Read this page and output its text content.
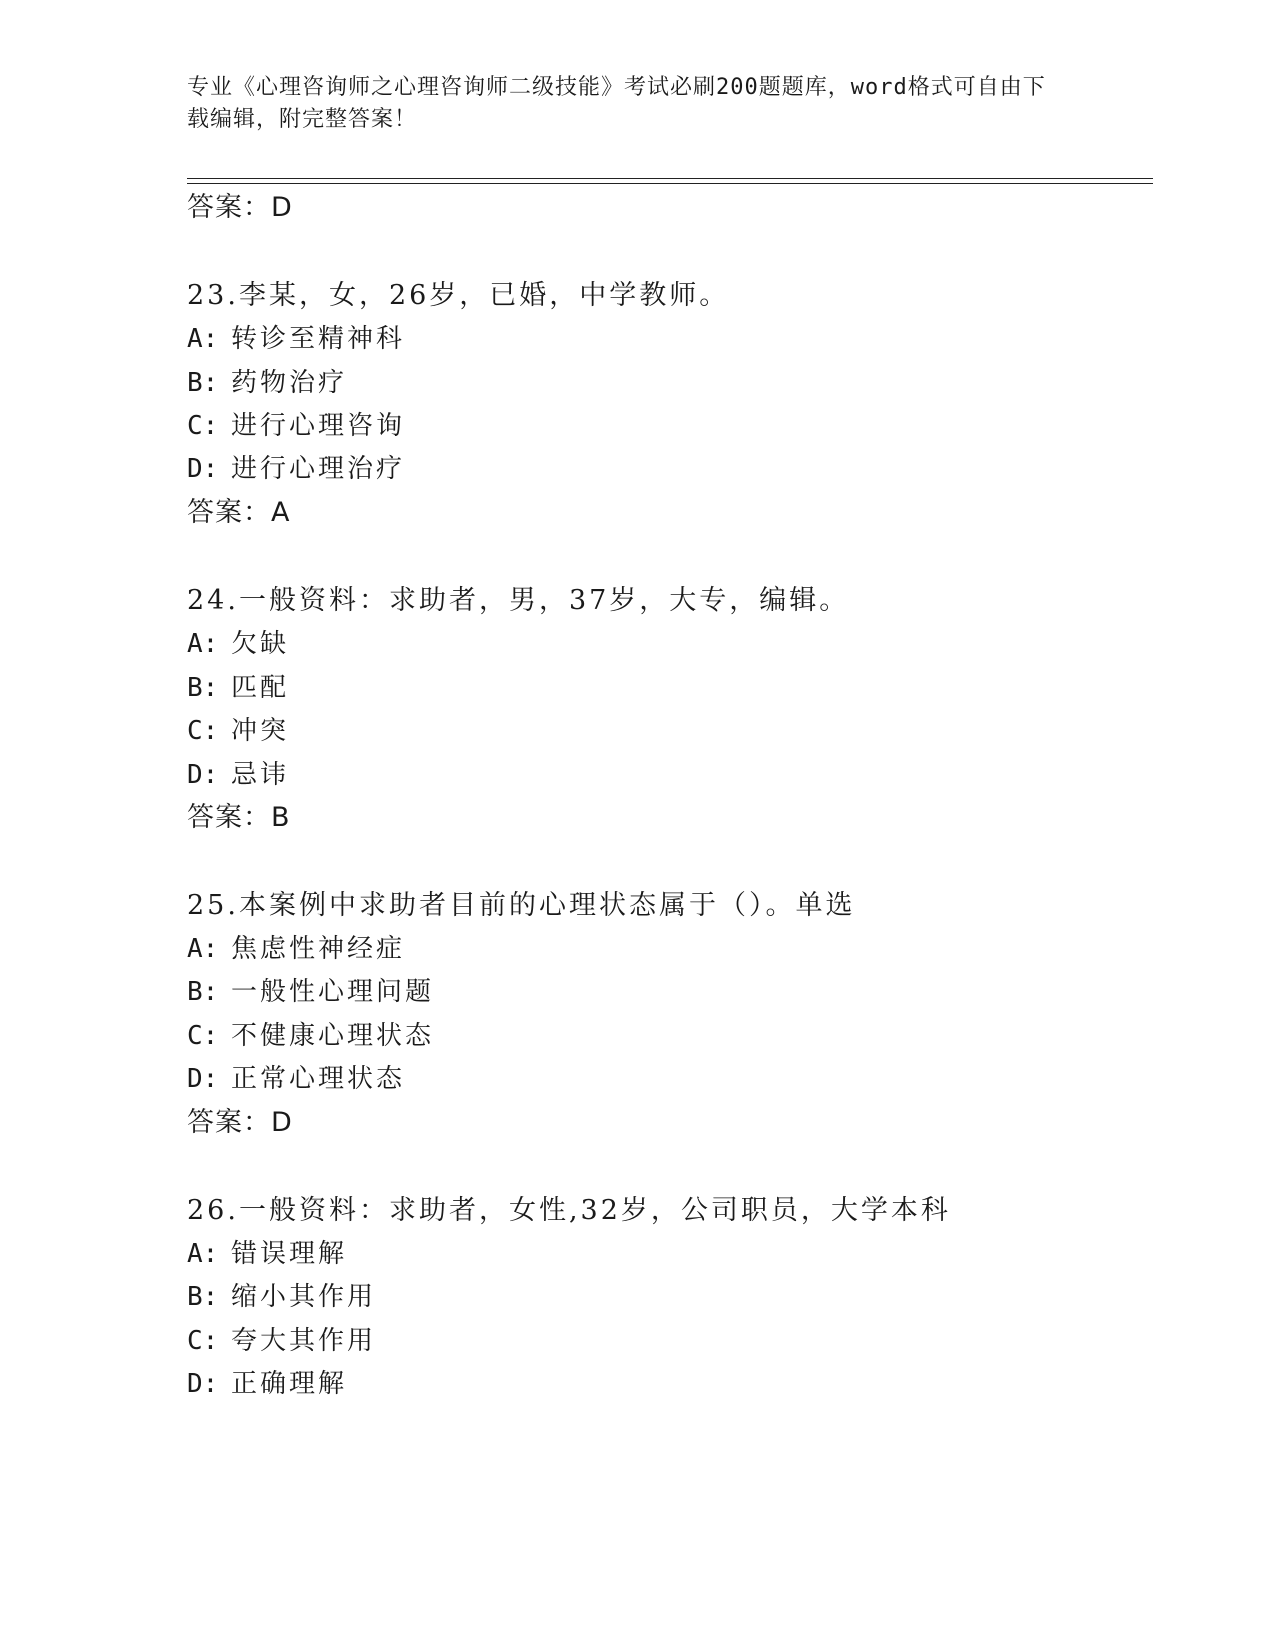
专业《心理咨询师之心理咨询师二级技能》考试必刷200题题库，word格式可自由下载编辑，附完整答案！
答案：D
23.李某，女，26岁，已婚，中学教师。
A: 转诊至精神科
B: 药物治疗
C: 进行心理咨询
D: 进行心理治疗
答案：A
24.一般资料：求助者，男，37岁，大专，编辑。
A: 欠缺
B: 匹配
C: 冲突
D: 忌讳
答案：B
25.本案例中求助者目前的心理状态属于（）。单选
A: 焦虑性神经症
B: 一般性心理问题
C: 不健康心理状态
D: 正常心理状态
答案：D
26.一般资料：求助者，女性,32岁，公司职员，大学本科
A: 错误理解
B: 缩小其作用
C: 夸大其作用
D: 正确理解
